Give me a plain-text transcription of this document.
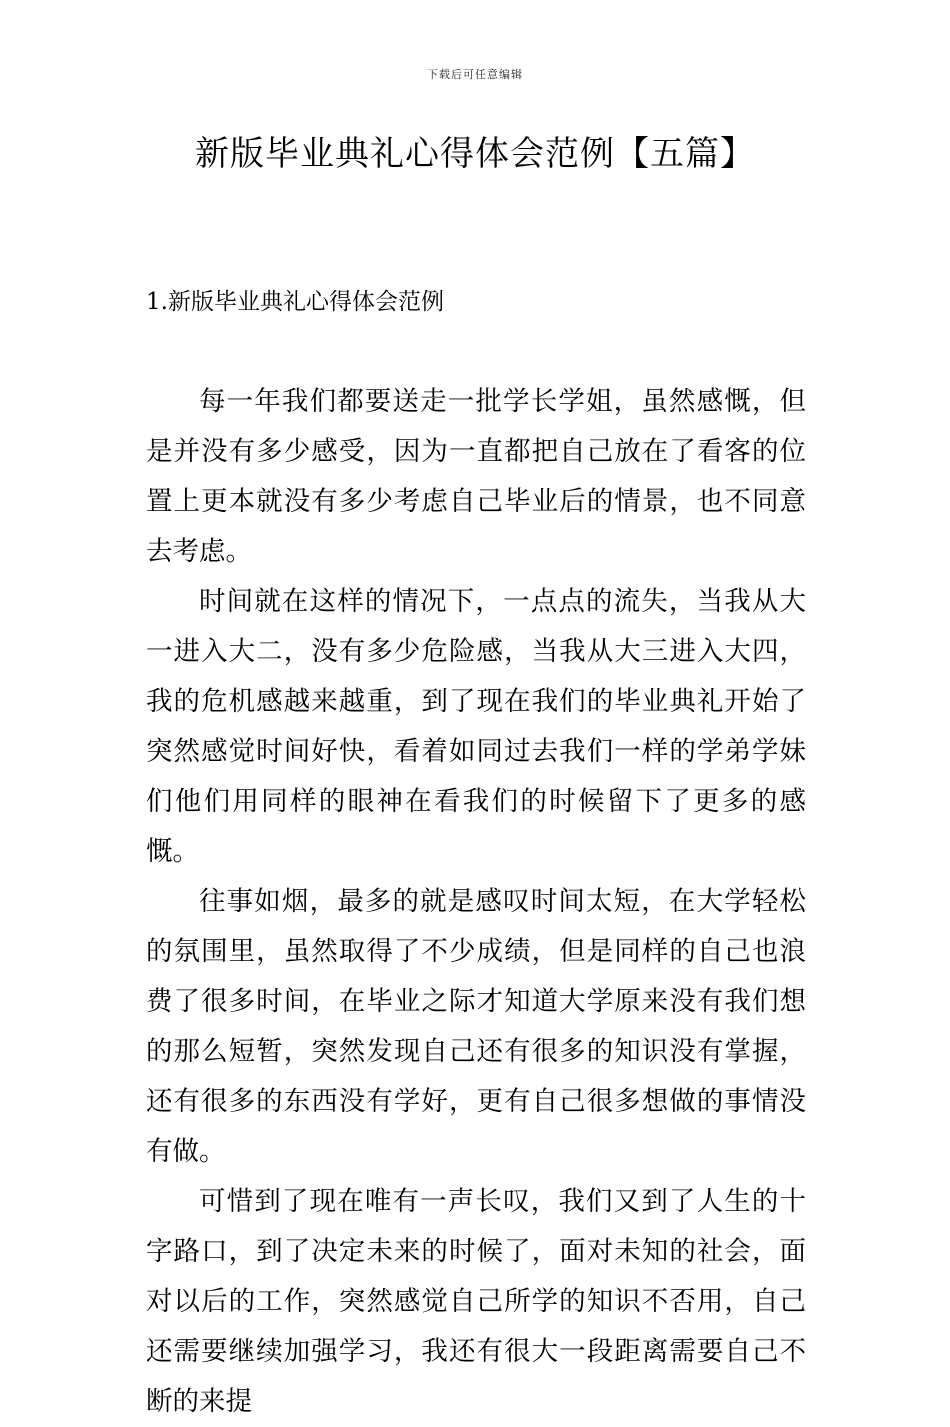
下载后可任意编辑
新版毕业典礼心得体会范例【五篇】
1.新版毕业典礼心得体会范例

每一年我们都要送走一批学长学姐，虽然感慨，但是并没有多少感受，因为一直都把自己放在了看客的位置上更本就没有多少考虑自己毕业后的情景，也不同意去考虑。

时间就在这样的情况下，一点点的流失，当我从大一进入大二，没有多少危险感，当我从大三进入大四，我的危机感越来越重，到了现在我们的毕业典礼开始了突然感觉时间好快，看着如同过去我们一样的学弟学妹们他们用同样的眼神在看我们的时候留下了更多的感慨。

往事如烟，最多的就是感叹时间太短，在大学轻松的氛围里，虽然取得了不少成绩，但是同样的自己也浪费了很多时间，在毕业之际才知道大学原来没有我们想的那么短暂，突然发现自己还有很多的知识没有掌握，还有很多的东西没有学好，更有自己很多想做的事情没有做。

可惜到了现在唯有一声长叹，我们又到了人生的十字路口，到了决定未来的时候了，面对未知的社会，面对以后的工作，突然感觉自己所学的知识不否用，自己还需要继续加强学习，我还有很大一段距离需要自己不断的来提
